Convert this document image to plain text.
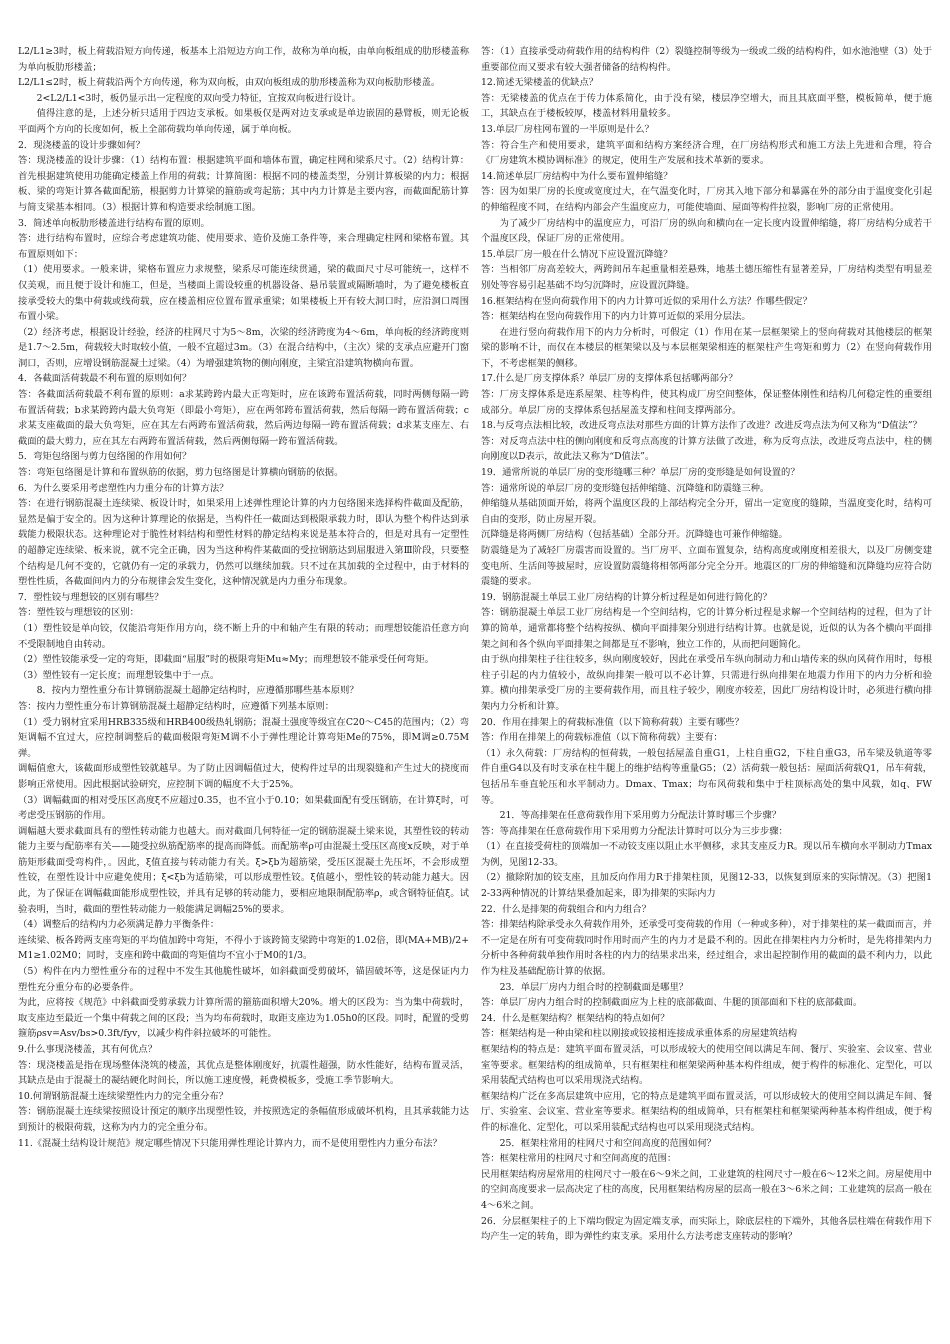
L2/L1≥3时，板上荷载沿短方向传递，板基本上沿短边方向工作，故称为单向板，由单向板组成的肋形楼盖称为单向板肋形楼盖；

L2/L1≤2时，板上荷载沿两个方向传递，称为双向板，由双向板组成的肋形楼盖称为双向板肋形楼盖。

2<L2/L1<3时，板仍显示出一定程度的双向受力特征，宜按双向板进行设计。

值得注意的是，上述分析只适用于四边支承板。如果板仅是两对边支承或是单边嵌固的悬臂板，则无论板平面两个方向的长度如何，板上全部荷载均单向传递，属于单向板。

2．现浇楼盖的设计步骤如何？

答：现浇楼盖的设计步骤：（1）结构布置：根据建筑平面和墙体布置，确定柱网和梁系尺寸。（2）结构计算：首先根据建筑使用功能确定楼盖上作用的荷载；计算简图：根据不同的楼盖类型，分别计算板梁的内力；根据板、梁的弯矩计算各截面配筋，根据剪力计算梁的箍筋或弯起筋；其中内力计算是主要内容，而截面配筋计算与简支梁基本相同。（3）根据计算和构造要求绘制施工图。

3．简述单向板肋形楼盖进行结构布置的原则。

答：进行结构布置时，应综合考虑建筑功能、使用要求、造价及施工条件等，来合理确定柱网和梁格布置。其布置原则如下：

（1）使用要求。一般来讲，梁格布置应力求规整，梁系尽可能连续贯通，梁的截面尺寸尽可能统一，这样不仅美观，而且便于设计和施工，但是，当楼面上需设较重的机器设备、悬吊装置或隔断墙时，为了避免楼板直接承受较大的集中荷载或线荷载，应在楼盖相应位置布置承重梁；如果楼板上开有较大洞口时，应沿洞口周围布置小梁。

（2）经济考虑，根据设计经验，经济的柱网尺寸为5～8m，次梁的经济跨度为4～6m，单向板的经济跨度则是1.7～2.5m，荷载较大时取较小值，一般不宜超过3m。（3）在混合结构中，（主次）梁的支承点应避开门窗洞口，否则，应增设钢筋混凝土过梁。（4）为增强建筑物的侧向刚度，主梁宜沿建筑物横向布置。

4．各截面活荷载最不利布置的原则如何？

答：各截面活荷载最不利布置的原则：a求某跨跨内最大正弯矩时，应在该跨布置活荷载，同时两侧每隔一跨布置活荷载；b求某跨跨内最大负弯矩（即最小弯矩），应在两邻跨布置活荷载，然后每隔一跨布置活荷载；c求某支座截面的最大负弯矩，应在其左右两跨布置活荷载，然后两边每隔一跨布置活荷载；d求某支座左、右截面的最大剪力，应在其左右两跨布置活荷载，然后两侧每隔一跨布置活荷载。

5．弯矩包络图与剪力包络图的作用如何？

答：弯矩包络图是计算和布置纵筋的依据，剪力包络图是计算横向钢筋的依据。

6．为什么要采用考虑塑性内力重分布的计算方法？

答：在进行钢筋混凝土连续梁、板设计时，如果采用上述弹性理论计算的内力包络图来选择构件截面及配筋，显然是偏于安全的。因为这种计算理论的依据是，当构件任一截面达到极限承载力时，即认为整个构件达到承载能力极限状态。这种理论对于脆性材料结构和塑性材料的静定结构来说是基本符合的，但是对具有一定塑性的超静定连续梁、板来说，就不完全正确，因为当这种构件某截面的受拉钢筋达到屈服进入第Ⅲ阶段，只要整个结构是几何不变的，它就仍有一定的承载力，仍然可以继续加载。只不过在其加载的全过程中，由于材料的塑性性质，各截面间内力的分布规律会发生变化，这种情况就是内力重分布现象。

7．塑性铰与理想铰的区别有哪些？

答：塑性铰与理想铰的区别：

（1）塑性铰是单向铰，仅能沿弯矩作用方向，绕不断上升的中和轴产生有限的转动；而理想铰能沿任意方向不受限制地自由转动。

（2）塑性铰能承受一定的弯矩，即截面“屈服”时的极限弯矩Mu≈My；而理想铰不能承受任何弯矩。

（3）塑性铰有一定长度；而理想铰集中于一点。

8．按内力塑性重分布计算钢筋混凝土超静定结构时，应遵循那哪些基本原则？

答：按内力塑性重分布计算钢筋混凝土超静定结构时，应遵循下列基本原则：

（1）受力钢材宜采用HRB335级和HRB400级热轧钢筋；混凝土强度等级宜在C20～C45的范围内；（2）弯矩调幅不宜过大，应控制调整后的截面极限弯矩M调不小于弹性理论计算弯矩Me的75%，即M调≥0.75M弹。

调幅值愈大，该截面形成塑性铰就越早。为了防止因调幅值过大，使构件过早的出现裂缝和产生过大的挠度而影响正常使用。因此根据试验研究，应控制下调的幅度不大于25%。

（3）调幅截面的相对受压区高度ξ不应超过0.35，也不宜小于0.10；如果截面配有受压钢筋，在计算ξ时，可考虑受压钢筋的作用。

调幅越大要求截面具有的塑性转动能力也越大。而对截面几何特征一定的钢筋混凝土梁来说，其塑性铰的转动能力主要与配筋率有关——随受拉纵筋配筋率的提高而降低。而配筋率ρ可由混凝土受压区高度x反映，对于单筋矩形截面受弯构件，。因此，ξ值直接与转动能力有关。ξ>ξb为超筋梁，受压区混凝土先压坏，不会形成塑性铰，在塑性设计中应避免使用；ξ<ξb为适筋梁，可以形成塑性铰。ξ值越小，塑性铰的转动能力越大。因此，为了保证在调幅截面能形成塑性铰，并具有足够的转动能力，要相应地限制配筋率ρ，或含钢特征值ξ。试验表明，当时，截面的塑性转动能力一般能满足调幅25%的要求。

（4）调整后的结构内力必须满足静力平衡条件：

连续梁、板各跨两支座弯矩的平均值加跨中弯矩，不得小于该跨简支梁跨中弯矩的1.02倍，即(MA+MB)/2+M1≥1.02M0；同时，支座和跨中截面的弯矩值均不宜小于M0的1/3。

（5）构件在内力塑性重分布的过程中不发生其他脆性破坏，如斜截面受剪破坏，锚固破坏等，这是保证内力塑性充分重分布的必要条件。

为此，应将按《规范》中斜截面受剪承载力计算所需的箍筋面积增大20%。增大的区段为：当为集中荷载时，取支座边至最近一个集中荷载之间的区段；当为均布荷载时，取距支座边为1.05h0的区段。同时，配置的受剪箍筋ρsv=Asv/bs>0.3ft/fyv，以减少构件斜拉破坏的可能性。

9.什么事现浇楼盖，其有何优点？

答：现浇楼盖是指在现场整体浇筑的楼盖，其优点是整体刚度好，抗震性超强，防水性能好，结构布置灵活，其缺点是由于混凝土的凝结硬化时间长，所以施工速度慢，耗费模板多，受施工季节影响大。

10.何谓钢筋混凝土连续梁塑性内力的完全重分布？

答：钢筋混凝土连续梁按照设计预定的顺序出现塑性铰，并按照选定的条幅值形成破坏机构，且其承载能力达到预计的极限荷载，这称为内力的完全重分布。

11.《混凝土结构设计规范》规定哪些情况下只能用弹性理论计算内力，而不是使用塑性内力重分布法？

答：（1）直接承受动荷载作用的结构构件（2）裂缝控制等级为一级或二级的结构构件，如水池池壁（3）处于重要部位而又要求有较大强者储备的结构构件。

12.简述无梁楼盖的优缺点？

答：无梁楼盖的优点在于传力体系简化，由于没有梁，楼层净空增大，而且其底面平整，模板简单，便于施工，其缺点在于楼板较厚，楼盖材料用量较多。

13.单层厂房柱网布置的一半原则是什么？

答：符合生产和使用要求，建筑平面和结构方案经济合理，在厂房结构形式和施工方法上先进和合理，符合《厂房建筑木模协调标准》的规定，使用生产发展和技术革新的要求。

14.简述单层厂房结构中为什么要布置伸缩缝？

答：因为如果厂房的长度或宽度过大，在气温变化时，厂房其入地下部分和暴露在外的部分由于温度变化引起的伸缩程度不同，在结构内部会产生温度应力，可能使墙面、屋面等构件拉裂，影响厂房的正常使用。

为了减少厂房结构中的温度应力，可沿厂房的纵向和横向在一定长度内设置伸缩缝，将厂房结构分成若干个温度区段，保证厂房的正常使用。

15.单层厂房一般在什么情况下应设置沉降缝？

答：当相邻厂房高差较大，两跨间吊车起重量相差悬殊，地基土德压缩性有显著差异，厂房结构类型有明显差别处等容易引起基础不均匀沉降时，应设置沉降缝。

16.框架结构在竖向荷载作用下的内力计算可近似的采用什么方法？作哪些假定？

答：框架结构在竖向荷载作用下的内力计算可近似的采用分层法。

在进行竖向荷载作用下的内力分析时，可假定（1）作用在某一层框架梁上的竖向荷载对其他楼层的框架梁的影响不计，而仅在本楼层的框架梁以及与本层框架梁相连的框架柱产生弯矩和剪力（2）在竖向荷载作用下，不考虑框架的侧移。

17.什么是厂房支撑体系？单层厂房的支撑体系包括哪两部分？

答：厂房支撑体系是连系屋架、柱等构件，使其构成厂房空间整体，保证整体刚性和结构几何稳定性的重要组成部分。单层厂房的支撑体系包括屋盖支撑和柱间支撑两部分。

18.与反弯点法相比较，改进反弯点法对那些方面的计算方法作了改进？改进反弯点法为何又称为“D值法”？

答：对反弯点法中柱的侧向刚度和反弯点高度的计算方法做了改进，称为反弯点法，改进反弯点法中，柱的侧向刚度以D表示，故此法又称为“D值法”。

19．通常所说的单层厂房的变形缝哪三种？单层厂房的变形缝是如何设置的？

答：通常所说的单层厂房的变形缝包括伸缩缝、沉降缝和防震缝三种。

伸缩缝从基础顶面开始，将两个温度区段的上部结构完全分开，留出一定宽度的缝隙，当温度变化时，结构可自由的变形，防止房屋开裂。

沉降缝是将两侧厂房结构（包括基础）全部分开。沉降缝也可兼作伸缩缝。

防震缝是为了减轻厂房震害而设置的。当厂房平、立面布置复杂，结构高度或刚度相差很大，以及厂房侧变建变电所、生活间等披屋时，应设置防震缝将相邻两部分完全分开。地震区的厂房的伸缩缝和沉降缝均应符合防震缝的要求。

19．钢筋混凝土单层工业厂房结构的计算分析过程是如何进行简化的？

答：钢筋混凝土单层工业厂房结构是一个空间结构，它的计算分析过程是求解一个空间结构的过程，但为了计算的简单，通常都将整个结构按纵、横向平面排架分别进行结构计算。也就是说，近似的认为各个横向平面排架之间和各个纵向平面排架之间都是互不影响，独立工作的，从而把问题简化。

由于纵向排架柱子往往较多，纵向刚度较好，因此在承受吊车纵向制动力和山墙传来的纵向风荷作用时，每根柱子引起的内力值较小，故纵向排架一般可以不必计算，只需进行纵向排架在地震力作用下的内力分析和验算。横向排架承受厂房的主要荷载作用，而且柱子较少，刚度亦较差，因此厂房结构设计时，必须进行横向排架内力分析和计算。

20．作用在排架上的荷载标准值（以下简称荷载）主要有哪些？

答：作用在排架上的荷载标准值（以下简称荷载）主要有：

（1）永久荷载：厂房结构的恒荷载，一般包括屋盖自重G1，上柱自重G2，下柱自重G3，吊车梁及轨道等零件自重G4以及有时支承在柱牛腿上的维护结构等重量G5；（2）活荷载一般包括：屋面活荷载Q1，吊车荷载，包括吊车垂直轮压和水平制动力。Dmax、Tmax；均布风荷载和集中于柱顶标高处的集中风载，如q、FW等。

21．等高排架在任意荷载作用下采用剪力分配法计算时哪三个步骤？

答：等高排架在任意荷载作用下采用剪力分配法计算时可以分为三步步骤：

（1）在直接受荷柱的顶端加一不动铰支座以阻止水平侧移，求其支座反力R。现以吊车横向水平制动力Tmax为例，见图12-33。

（2）撤除附加的铰支座，且加反向作用力R于排架柱顶，见图12-33，以恢复到原来的实际情况。（3）把图12-33两种情况的计算结果叠加起来，即为排架的实际内力

22．什么是排架的荷载组合和内力组合？

答：排架结构除承受永久荷载作用外，还承受可变荷载的作用（一种或多种），对于排架柱的某一截面而言，并不一定是在所有可变荷载同时作用时而产生的内力才是最不利的。因此在排架柱内力分析时，是先将排架内力分析中各种荷载单独作用时各柱的内力的结果求出来，经过组合，求出起控制作用的截面的最不利内力，以此作为柱及基础配筋计算的依据。

23．单层厂房内力组合时的控制截面是哪里？

答：单层厂房内力组合时的控制截面应为上柱的底部截面、牛腿的顶部面和下柱的底部截面。

24．什么是框架结构？框架结构的特点如何？

答：框架结构是一种由梁和柱以刚接或铰接相连接成承重体系的房屋建筑结构

框架结构的特点是：建筑平面布置灵活，可以形成较大的使用空间以满足车间、餐厅、实验室、会议室、营业室等要求。框架结构的组成简单，只有框架柱和框架梁两种基本构件组成，便于构件的标准化、定型化，可以采用装配式结构也可以采用现浇式结构。

框架结构广泛在多高层建筑中应用，它的特点是建筑平面布置灵活，可以形成较大的使用空间以满足车间、餐厅、实验室、会议室、营业室等要求。框架结构的组成简单，只有框架柱和框架梁两种基本构件组成，便于构件的标准化、定型化，可以采用装配式结构也可以采用现浇式结构。

25．框架柱常用的柱网尺寸和空间高度的范围如何？

答：框架柱常用的柱网尺寸和空间高度的范围：

民用框架结构房屋常用的柱网尺寸一般在6～9米之间，工业建筑的柱网尺寸一般在6～12米之间。房屋使用中的空间高度要求一层高决定了柱的高度，民用框架结构房屋的层高一般在3～6米之间；工业建筑的层高一般在4～6米之间。

26．分层框架柱子的上下端均假定为固定端支承，而实际上，除底层柱的下端外，其他各层柱端在荷载作用下均产生一定的转角，即为弹性约束支承。采用什么方法考虑支座转动的影响？
